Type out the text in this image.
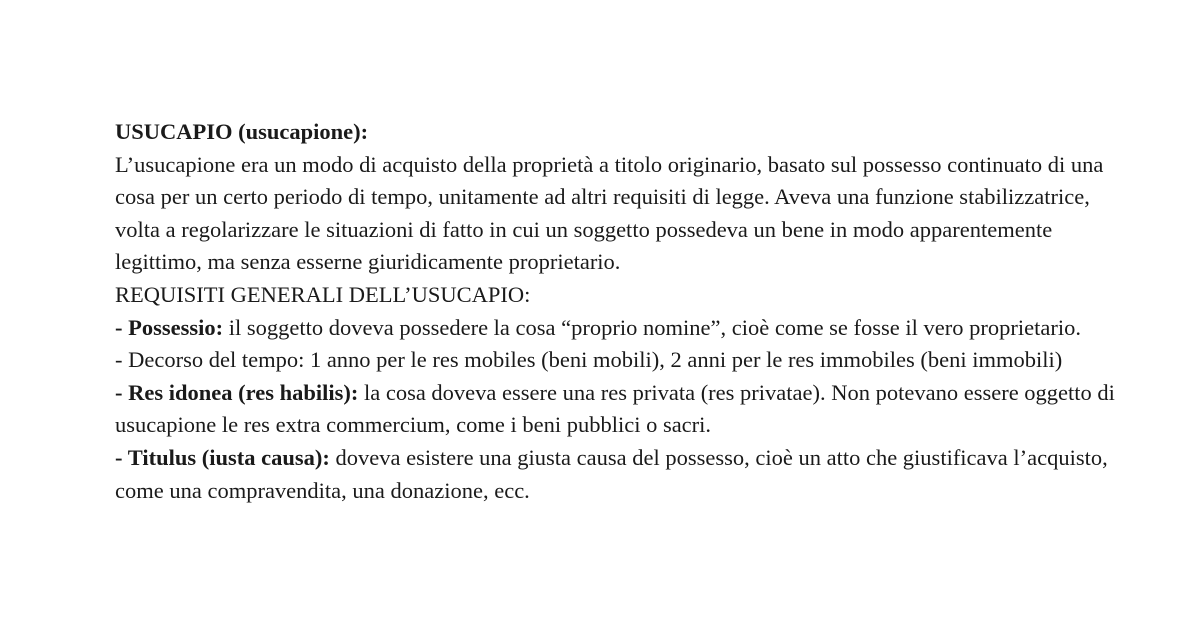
USUCAPIO (usucapione):

L’usucapione era un modo di acquisto della proprietà a titolo originario, basato sul possesso continuato di una cosa per un certo periodo di tempo, unitamente ad altri requisiti di legge. Aveva una funzione stabilizzatrice, volta a regolarizzare le situazioni di fatto in cui un soggetto possedeva un bene in modo apparentemente legittimo, ma senza esserne giuridicamente proprietario.

REQUISITI GENERALI DELL’USUCAPIO:

- Possessio: il soggetto doveva possedere la cosa “proprio nomine”, cioè come se fosse il vero proprietario.

- Decorso del tempo: 1 anno per le res mobiles (beni mobili), 2 anni per le res immobiles (beni immobili)

- Res idonea (res habilis): la cosa doveva essere una res privata (res privatae). Non potevano essere oggetto di usucapione le res extra commercium, come i beni pubblici o sacri.

- Titulus (iusta causa): doveva esistere una giusta causa del possesso, cioè un atto che giustificava l’acquisto, come una compravendita, una donazione, ecc.
